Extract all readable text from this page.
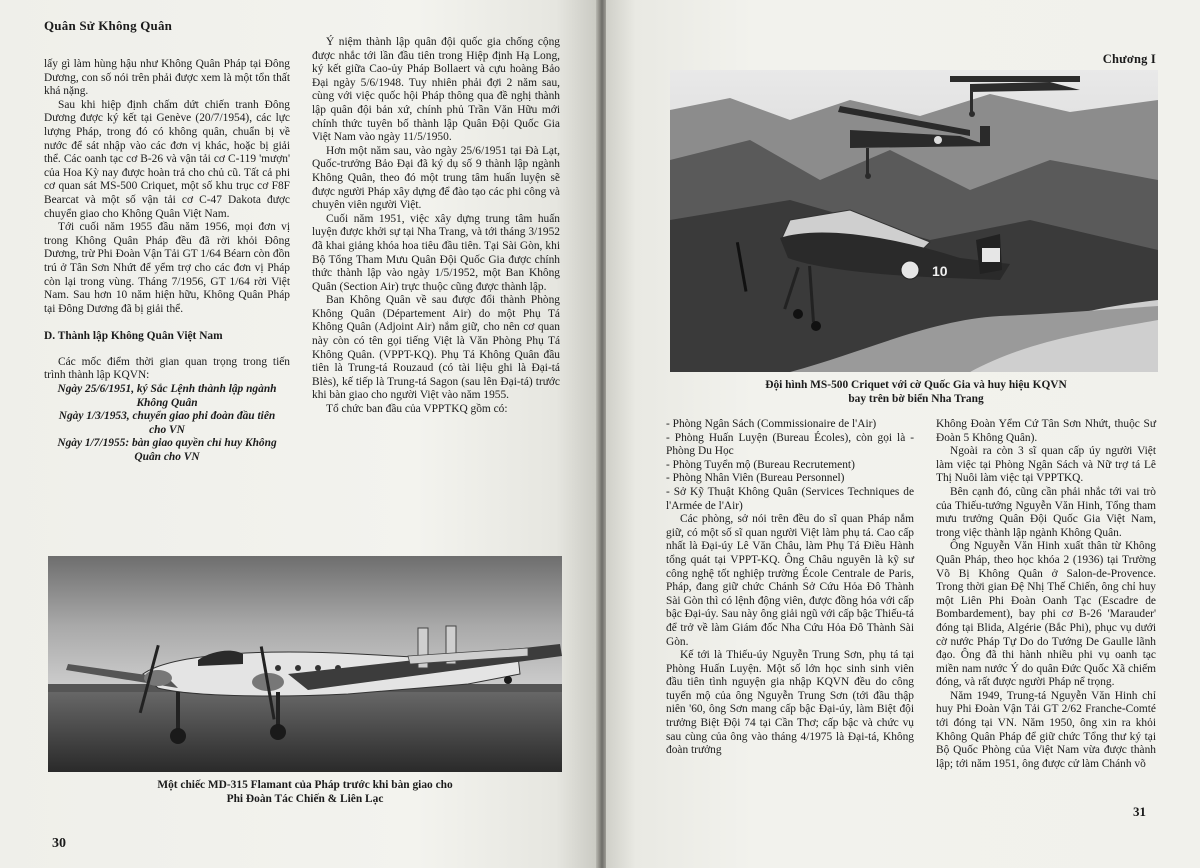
Quân Sử Không Quân

lấy gì làm hùng hậu như Không Quân Pháp tại Đông Dương, con số nói trên phải được xem là một tổn thất khá nặng.

Sau khi hiệp định chấm dứt chiến tranh Đông Dương được ký kết tại Genève (20/7/1954), các lực lượng Pháp, trong đó có không quân, chuẩn bị về nước để sát nhập vào các đơn vị khác, hoặc bị giải thể. Các oanh tạc cơ B-26 và vận tải cơ C-119 'mượn' của Hoa Kỳ nay được hoàn trả cho chủ cũ. Tất cả phi cơ quan sát MS-500 Criquet, một số khu trục cơ F8F Bearcat và một số vận tải cơ C-47 Dakota được chuyển giao cho Không Quân Việt Nam.

Tới cuối năm 1955 đầu năm 1956, mọi đơn vị trong Không Quân Pháp đều đã rời khỏi Đông Dương, trừ Phi Đoàn Vận Tải GT 1/64 Béarn còn đồn trú ở Tân Sơn Nhứt để yểm trợ cho các đơn vị Pháp còn lại trong vùng. Tháng 7/1956, GT 1/64 rời Việt Nam. Sau hơn 10 năm hiện hữu, Không Quân Pháp tại Đông Dương đã bị giải thể.

D. Thành lập Không Quân Việt Nam

Các mốc điểm thời gian quan trọng trong tiến trình thành lập KQVN:

Ngày 25/6/1951, ký Sắc Lệnh thành lập ngành

Không Quân

Ngày 1/3/1953, chuyển giao phi đoàn đầu tiên

cho VN

Ngày 1/7/1955: bàn giao quyền chỉ huy Không

Quân cho VN

Ý niệm thành lập quân đội quốc gia chống cộng được nhắc tới lần đầu tiên trong Hiệp định Hạ Long, ký kết giữa Cao-ủy Pháp Bollaert và cựu hoàng Bảo Đại ngày 5/6/1948. Tuy nhiên phải đợi 2 năm sau, cùng với việc quốc hội Pháp thông qua đề nghị thành lập quân đội bản xứ, chính phủ Trần Văn Hữu mới chính thức tuyên bố thành lập Quân Đội Quốc Gia Việt Nam vào ngày 11/5/1950.

Hơn một năm sau, vào ngày 25/6/1951 tại Đà Lạt, Quốc-trưởng Bảo Đại đã ký dụ số 9 thành lập ngành Không Quân, theo đó một trung tâm huấn luyện sẽ được người Pháp xây dựng để đào tạo các phi công và chuyên viên người Việt.

Cuối năm 1951, việc xây dựng trung tâm huấn luyện được khởi sự tại Nha Trang, và tới tháng 3/1952 đã khai giảng khóa hoa tiêu đầu tiên. Tại Sài Gòn, khi Bộ Tổng Tham Mưu Quân Đội Quốc Gia được chính thức thành lập vào ngày 1/5/1952, một Ban Không Quân (Section Air) trực thuộc cũng được thành lập.

Ban Không Quân về sau được đổi thành Phòng Không Quân (Département Air) do một Phụ Tá Không Quân (Adjoint Air) nắm giữ, cho nên cơ quan này còn có tên gọi tiếng Việt là Văn Phòng Phụ Tá Không Quân. (VPPT-KQ). Phụ Tá Không Quân đầu tiên là Trung-tá Rouzaud (có tài liệu ghi là Đại-tá Blès), kế tiếp là Trung-tá Sagon (sau lên Đại-tá) trước khi bàn giao cho người Việt vào năm 1955.

Tổ chức ban đầu của VPPTKQ gồm có:

Một chiếc MD-315 Flamant của Pháp trước khi bàn giao cho
Phi Đoàn Tác Chiến & Liên Lạc
30
Chương I
10
Đội hình MS-500 Criquet với cờ Quốc Gia và huy hiệu KQVN
bay trên bờ biển Nha Trang

- Phòng Ngân Sách (Commissionaire de l'Air)

- Phòng Huấn Luyện (Bureau Écoles), còn gọi là - Phòng Du Học

- Phòng Tuyển mộ (Bureau Recrutement)

- Phòng Nhân Viên (Bureau Personnel)

- Sở Kỹ Thuật Không Quân (Services Techniques de l'Armée de l'Air)

Các phòng, sở nói trên đều do sĩ quan Pháp nắm giữ, có một số sĩ quan người Việt làm phụ tá. Cao cấp nhất là Đại-úy Lê Văn Châu, làm Phụ Tá Điều Hành tổng quát tại VPPT-KQ. Ông Châu nguyên là kỹ sư công nghệ tốt nghiệp trường École Centrale de Paris, Pháp, đang giữ chức Chánh Sở Cứu Hỏa Đô Thành Sài Gòn thì có lệnh động viên, được đồng hóa với cấp bậc Đại-úy. Sau này ông giải ngũ với cấp bậc Thiếu-tá để trở về làm Giám đốc Nha Cứu Hỏa Đô Thành Sài Gòn.

Kế tới là Thiếu-úy Nguyễn Trung Sơn, phụ tá tại Phòng Huấn Luyện. Một số lớn học sinh sinh viên đầu tiên tình nguyện gia nhập KQVN đều do công tuyển mộ của ông Nguyễn Trung Sơn (tới đầu thập niên '60, ông Sơn mang cấp bậc Đại-úy, làm Biệt đội trưởng Biệt Đội 74 tại Cần Thơ; cấp bậc và chức vụ sau cùng của ông vào tháng 4/1975 là Đại-tá, Không đoàn trưởng

Không Đoàn Yểm Cứ Tân Sơn Nhứt, thuộc Sư Đoàn 5 Không Quân).

Ngoài ra còn 3 sĩ quan cấp úy người Việt làm việc tại Phòng Ngân Sách và Nữ trợ tá Lê Thị Nuôi làm việc tại VPPTKQ.

Bên cạnh đó, cũng cần phải nhắc tới vai trò của Thiếu-tướng Nguyễn Văn Hinh, Tổng tham mưu trưởng Quân Đội Quốc Gia Việt Nam, trong việc thành lập ngành Không Quân.

Ông Nguyễn Văn Hinh xuất thân từ Không Quân Pháp, theo học khóa 2 (1936) tại Trường Võ Bị Không Quân ở Salon-de-Provence. Trong thời gian Đệ Nhị Thế Chiến, ông chỉ huy một Liên Phi Đoàn Oanh Tạc (Escadre de Bombardement), bay phi cơ B-26 'Marauder' đóng tại Blida, Algérie (Bắc Phi), phục vụ dưới cờ nước Pháp Tự Do do Tướng De Gaulle lãnh đạo. Ông đã thi hành nhiều phi vụ oanh tạc miền nam nước Ý do quân Đức Quốc Xã chiếm đóng, và rất được người Pháp nể trọng.

Năm 1949, Trung-tá Nguyễn Văn Hinh chỉ huy Phi Đoàn Vận Tải GT 2/62 Franche-Comté tới đóng tại VN. Năm 1950, ông xin ra khỏi Không Quân Pháp để giữ chức Tổng thư ký tại Bộ Quốc Phòng của Việt Nam vừa được thành lập; tới năm 1951, ông được cử làm Chánh võ

31
